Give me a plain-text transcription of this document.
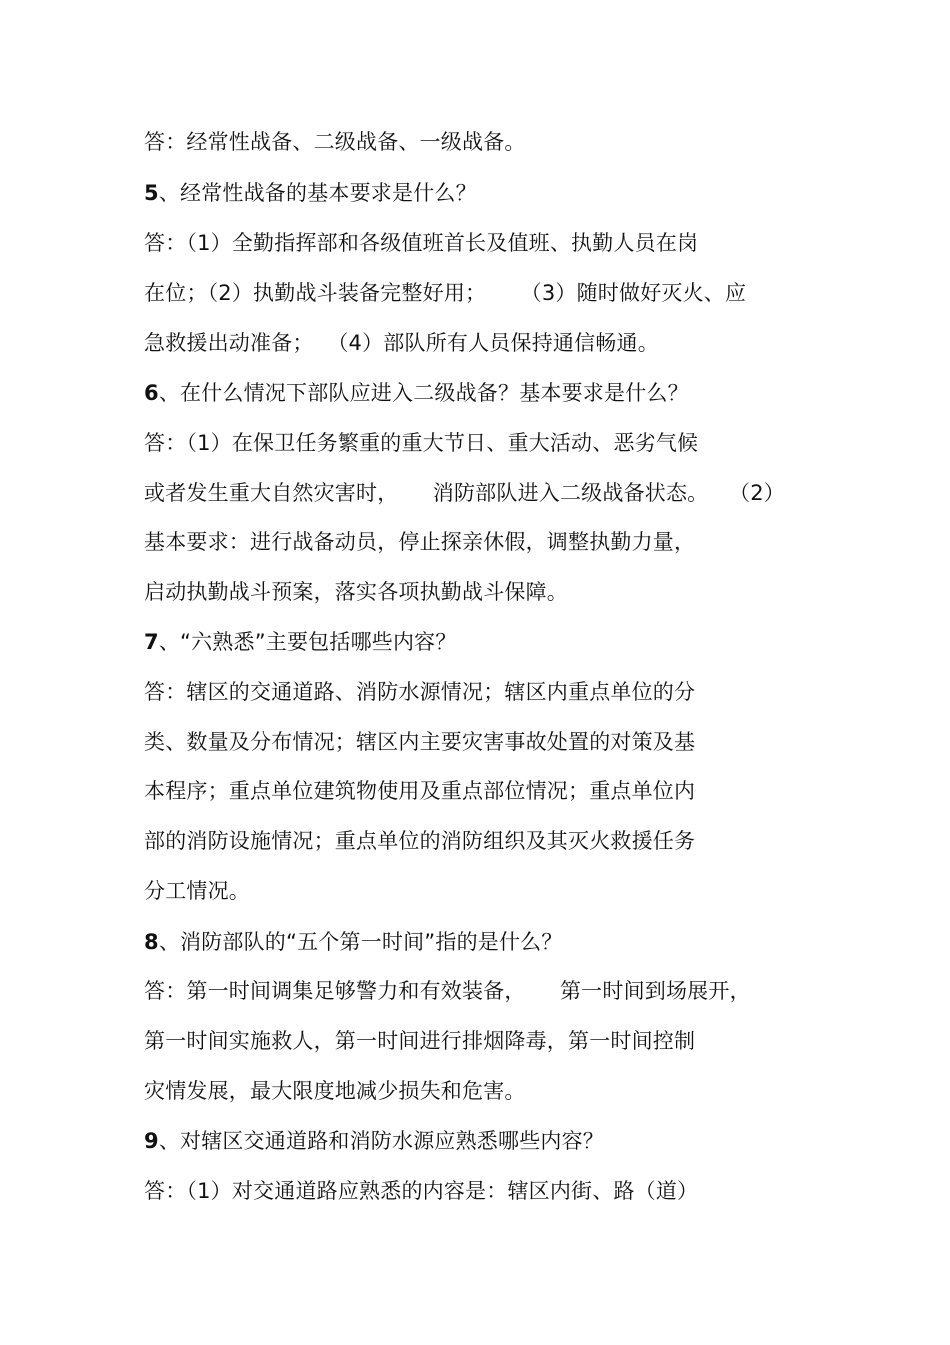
答：经常性战备、二级战备、一级战备。
5、经常性战备的基本要求是什么？
答：（1）全勤指挥部和各级值班首长及值班、执勤人员在岗
在位；（2）执勤战斗装备完整好用；     （3）随时做好灭火、应
急救援出动准备；  （4）部队所有人员保持通信畅通。
6、在什么情况下部队应进入二级战备？基本要求是什么？
答：（1）在保卫任务繁重的重大节日、重大活动、恶劣气候
或者发生重大自然灾害时，     消防部队进入二级战备状态。   （2）
基本要求：进行战备动员，停止探亲休假，调整执勤力量，
启动执勤战斗预案，落实各项执勤战斗保障。
7、“六熟悉”主要包括哪些内容？
答：辖区的交通道路、消防水源情况；辖区内重点单位的分
类、数量及分布情况；辖区内主要灾害事故处置的对策及基
本程序；重点单位建筑物使用及重点部位情况；重点单位内
部的消防设施情况；重点单位的消防组织及其灭火救援任务
分工情况。
8、消防部队的“五个第一时间”指的是什么？
答：第一时间调集足够警力和有效装备，     第一时间到场展开，
第一时间实施救人，第一时间进行排烟降毒，第一时间控制
灾情发展，最大限度地减少损失和危害。
9、对辖区交通道路和消防水源应熟悉哪些内容？
答：（1）对交通道路应熟悉的内容是：辖区内街、路（道）
